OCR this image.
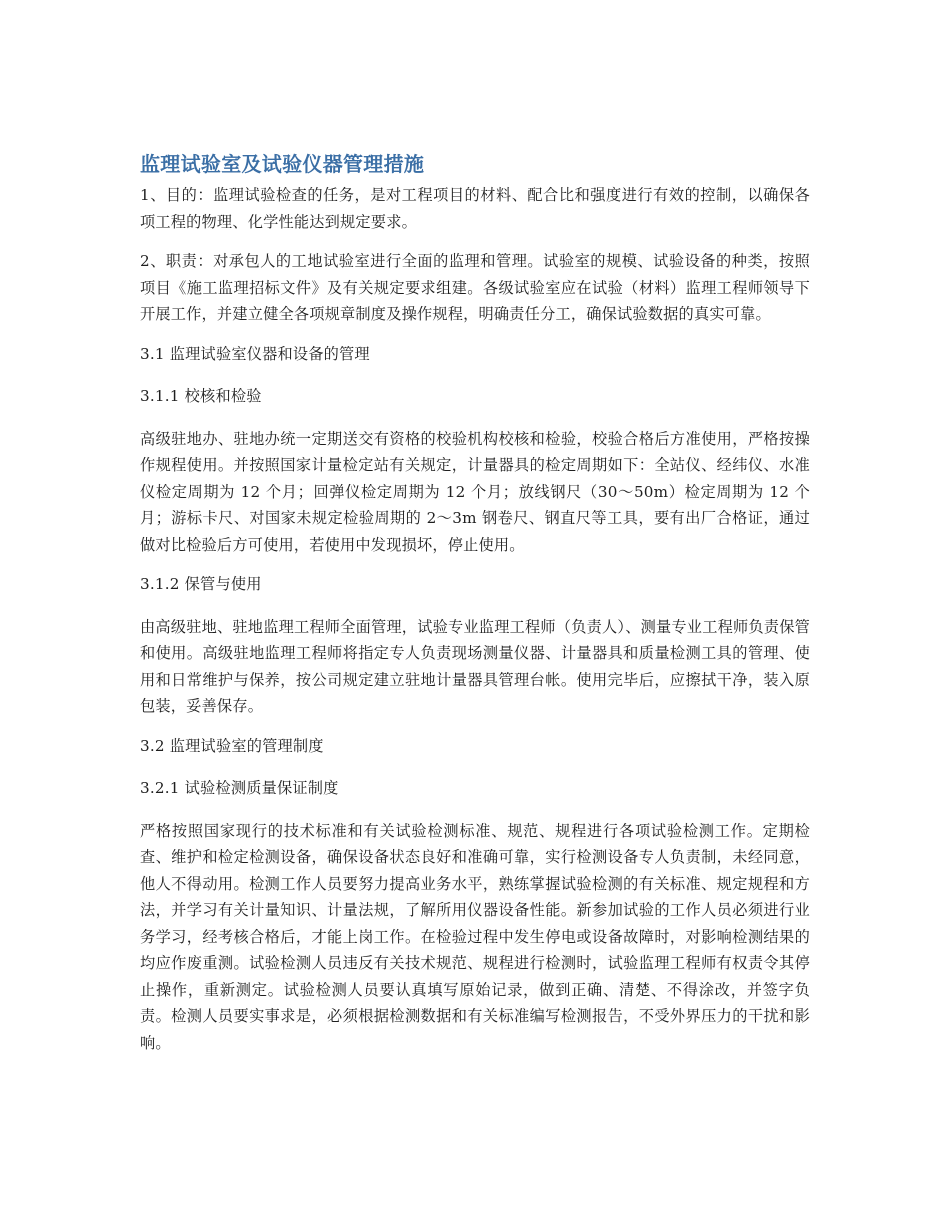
监理试验室及试验仪器管理措施

1、目的：监理试验检查的任务，是对工程项目的材料、配合比和强度进行有效的控制，以确保各项工程的物理、化学性能达到规定要求。

2、职责：对承包人的工地试验室进行全面的监理和管理。试验室的规模、试验设备的种类，按照项目《施工监理招标文件》及有关规定要求组建。各级试验室应在试验（材料）监理工程师领导下开展工作，并建立健全各项规章制度及操作规程，明确责任分工，确保试验数据的真实可靠。

3.1 监理试验室仪器和设备的管理

3.1.1 校核和检验

高级驻地办、驻地办统一定期送交有资格的校验机构校核和检验，校验合格后方准使用，严格按操作规程使用。并按照国家计量检定站有关规定，计量器具的检定周期如下：全站仪、经纬仪、水准仪检定周期为 12 个月；回弹仪检定周期为 12 个月；放线钢尺（30～50m）检定周期为 12 个月；游标卡尺、对国家未规定检验周期的 2～3m 钢卷尺、钢直尺等工具，要有出厂合格证，通过做对比检验后方可使用，若使用中发现损坏，停止使用。

3.1.2 保管与使用

由高级驻地、驻地监理工程师全面管理，试验专业监理工程师（负责人）、测量专业工程师负责保管和使用。高级驻地监理工程师将指定专人负责现场测量仪器、计量器具和质量检测工具的管理、使用和日常维护与保养，按公司规定建立驻地计量器具管理台帐。使用完毕后，应擦拭干净，装入原包装，妥善保存。

3.2 监理试验室的管理制度

3.2.1 试验检测质量保证制度

严格按照国家现行的技术标准和有关试验检测标准、规范、规程进行各项试验检测工作。定期检查、维护和检定检测设备，确保设备状态良好和准确可靠，实行检测设备专人负责制，未经同意，他人不得动用。检测工作人员要努力提高业务水平，熟练掌握试验检测的有关标准、规定规程和方法，并学习有关计量知识、计量法规，了解所用仪器设备性能。新参加试验的工作人员必须进行业务学习，经考核合格后，才能上岗工作。在检验过程中发生停电或设备故障时，对影响检测结果的均应作废重测。试验检测人员违反有关技术规范、规程进行检测时，试验监理工程师有权责令其停止操作，重新测定。试验检测人员要认真填写原始记录，做到正确、清楚、不得涂改，并签字负责。检测人员要实事求是，必须根据检测数据和有关标准编写检测报告，不受外界压力的干扰和影响。
